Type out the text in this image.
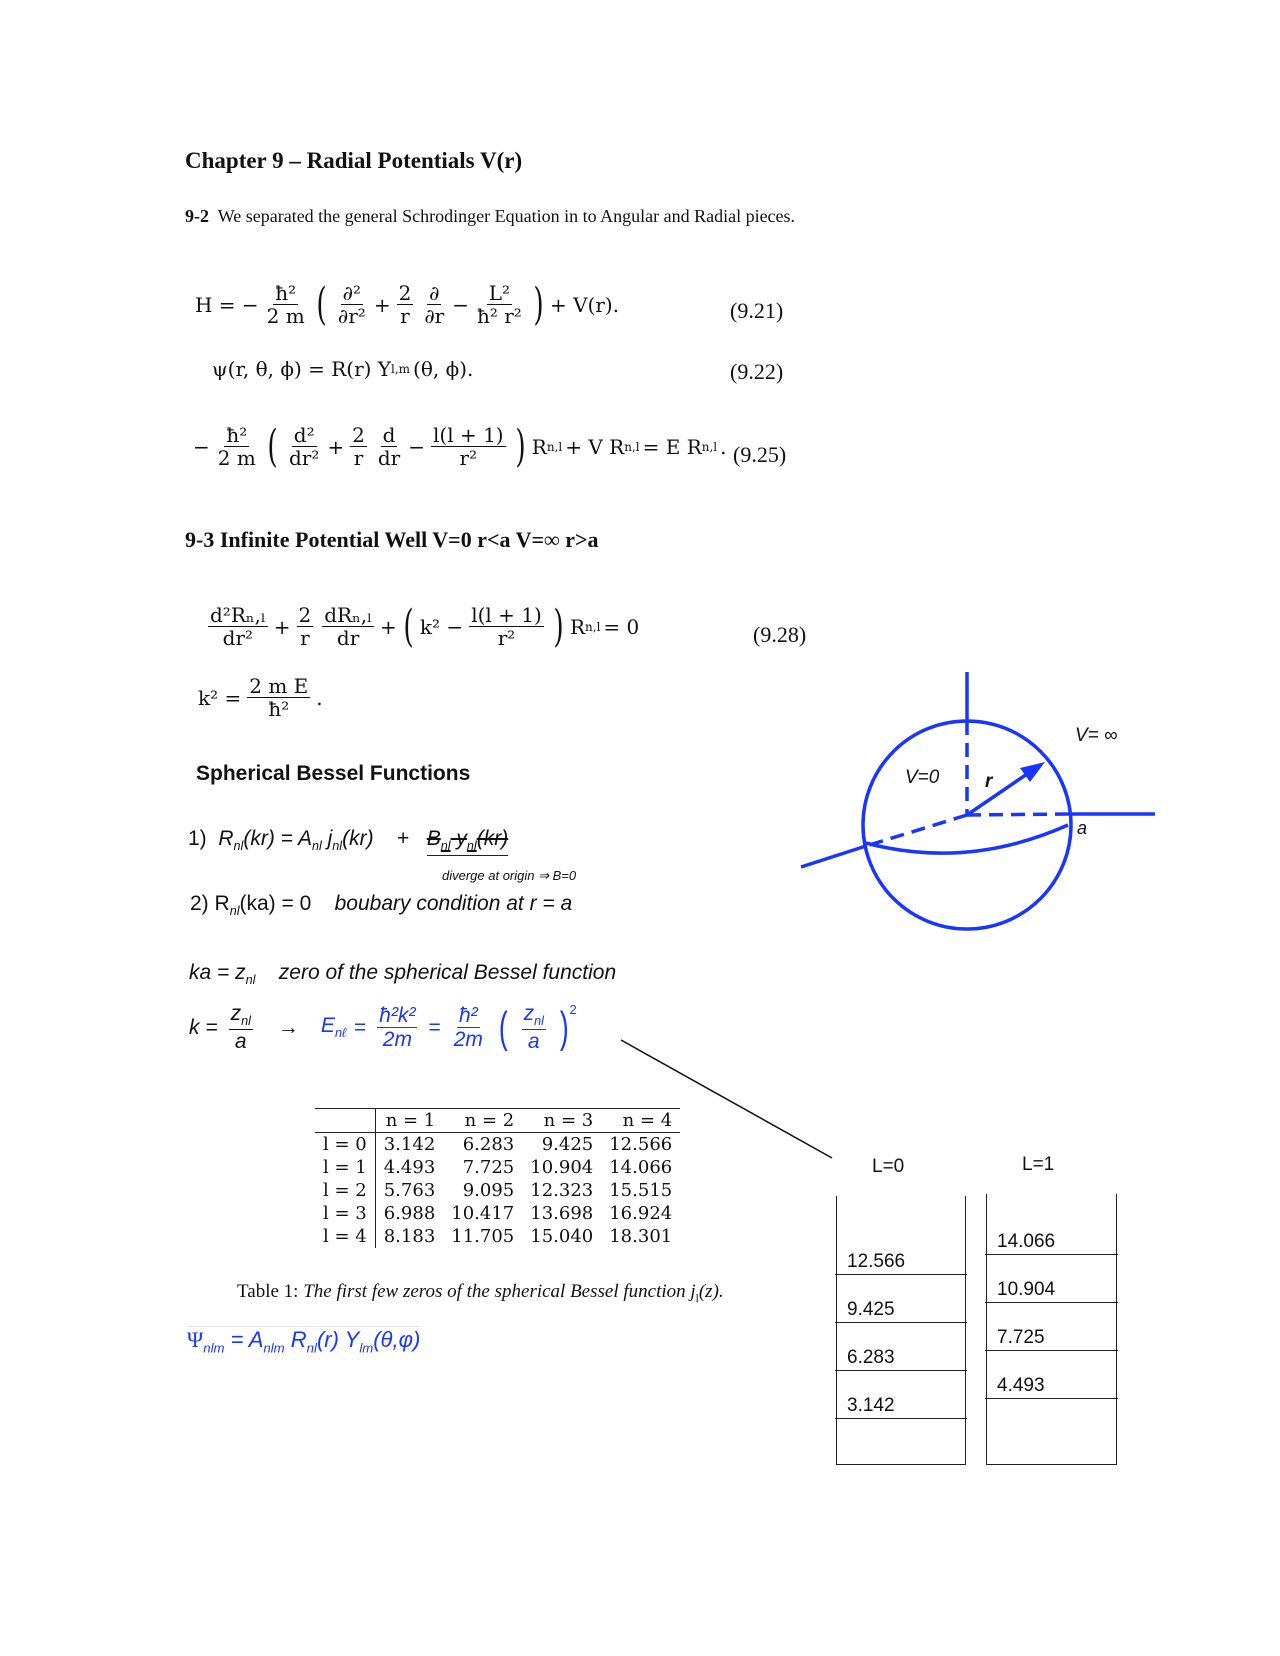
Chapter 9 – Radial Potentials V(r)
9-2 We separated the general Schrodinger Equation in to Angular and Radial pieces.
H = − $\frac{\text{ħ²}}{2 m}$ ( $\frac{\text{∂²}}{\text{∂r²}} + \frac{2}{r} \frac{\partial}{\partial r} - \frac{\text{L²}}{\text{ħ² r²}}$ ) + V(r).	(9.21)
ψ(r, θ, ϕ) = R(r) Y l,m (θ, ϕ).	(9.22)
− $\frac{\text{ħ²}}{2 m}$ ( $\frac{\text{d²}}{\text{dr²}} + \frac{2}{r} \frac{d}{dr} - \frac{l(l + 1)}{\text{r²}}$ ) R n,l + V R n,l = E R n,l . (9.25)
9-3 Infinite Potential Well V=0 r<a V=∞ r>a
$\frac{\text{d²Rₙ,ₗ}}{\text{dr²}} + \frac{2}{r} \frac{\text{dRₙ,ₗ}}{dr}$ + ( $k^2 - \frac{l(l + 1)}{\text{r²}}$ ) R n,l = 0	(9.28)
$k^2 = \frac{\text{2 m E}}{\text{ħ²}}$ .
Spherical Bessel Functions
1) $R_{nl}(kr) = A_{nl}$ $j_{nl}(kr) + B_{nl}$ $y_{nl}(kr)$
diverge at origin ⇒ B=0
2) $R_{nl}(ka) = 0$ boubary condition at r = a
ka = $z_{nl}$ zero of the spherical Bessel function
$k = \frac{z_{nl}}{a} \to E_{n\ell} = \frac{\text{ħ²k²}}{2m} = \frac{\text{ħ²}}{2m}$ ( $\frac{z_{nl}}{a}$ ) 2
	n = 1	n = 2	n = 3	n = 4
l = 0	3.142	6.283	9.425	12.566
l = 1	4.493	7.725	10.904	14.066
l = 2	5.763	9.095	12.323	15.515
l = 3	6.988	10.417	13.698	16.924
l = 4	8.183	11.705	15.040	18.301
Table 1: The first few zeros of the spherical Bessel function $j_l(z)$.
$\Psi_{nlm} = A_{nlm}$ $R_{nl}(r)$ $Y_{lm}(\theta,\varphi)$
V=0
V= ∞
r
a
L=0
12.566
9.425
6.283
3.142
L=1
14.066
10.904
7.725
4.493
